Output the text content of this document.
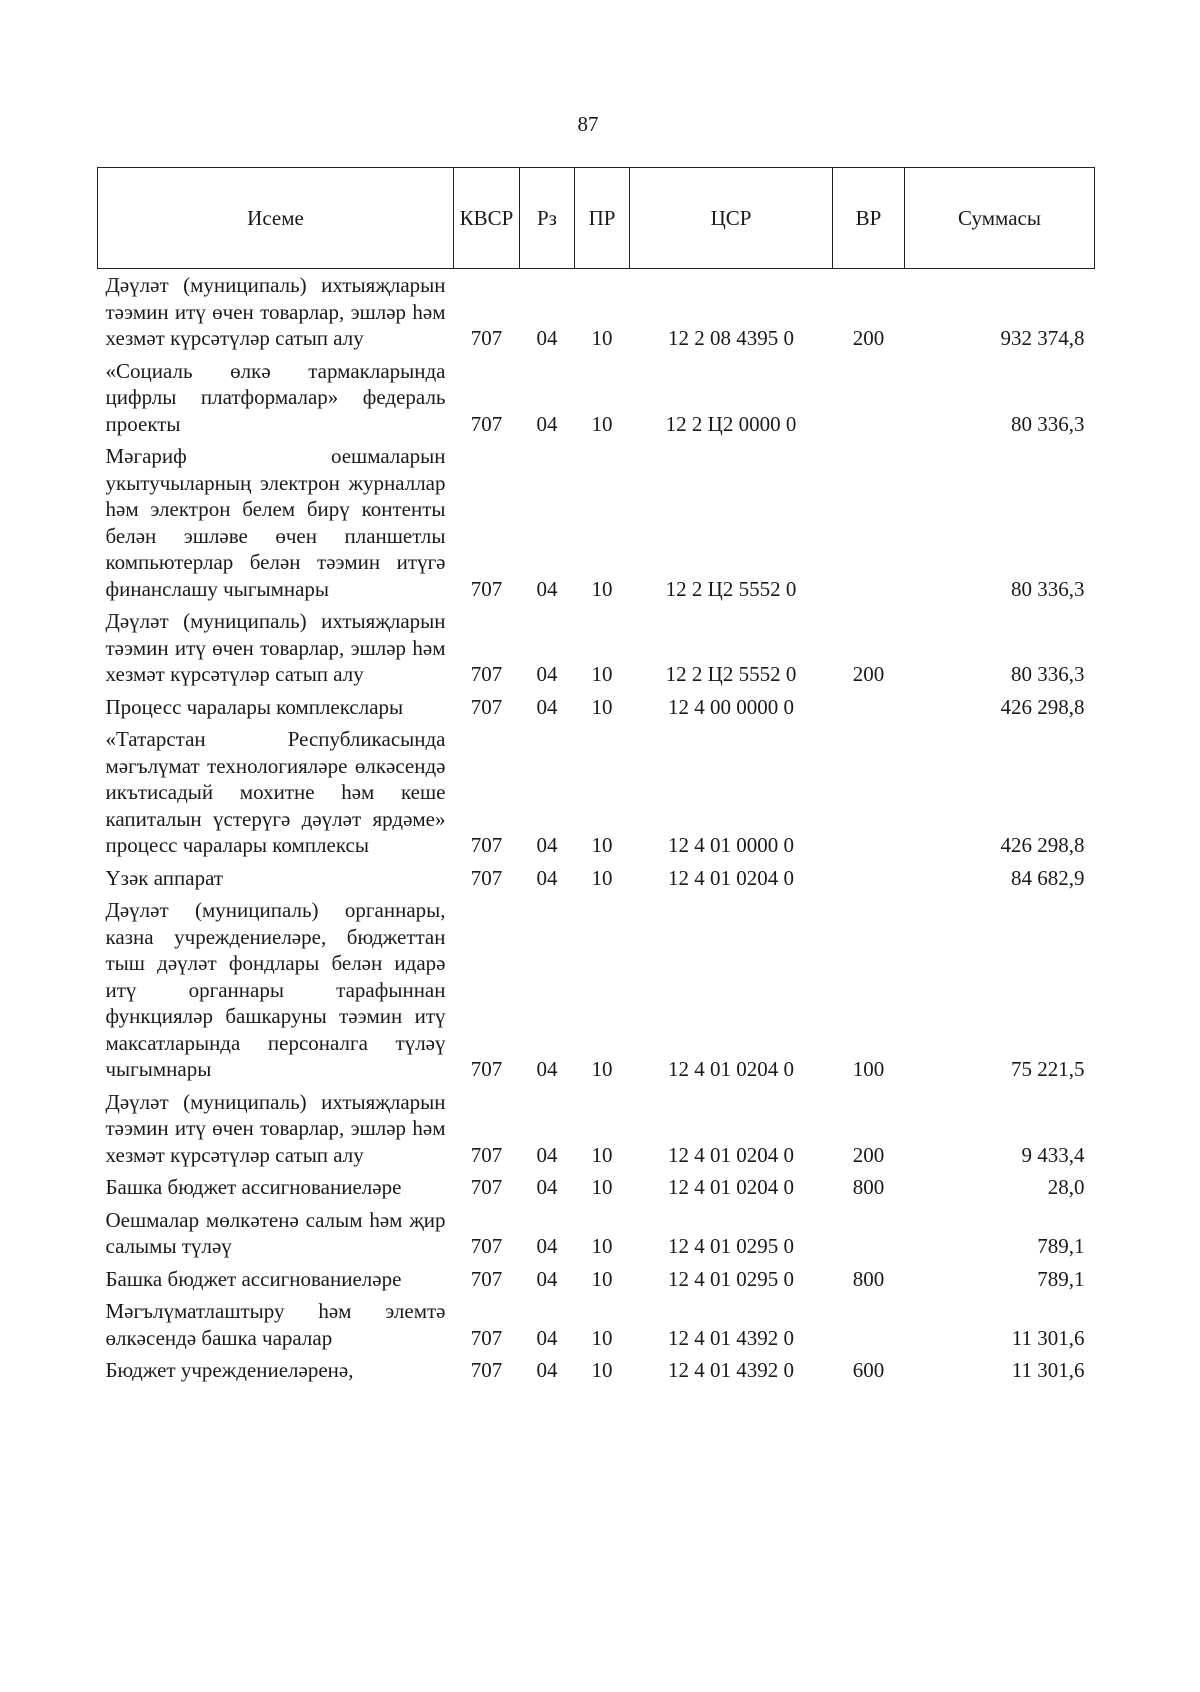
87
Исеме	КВСР	Рз	ПР	ЦСР	ВР	Суммасы
Дәүләт (муниципаль) ихтыяҗларын тәэмин итү өчен товарлар, эшләр һәм хезмәт күрсәтүләр сатып алу	707	04	10	12 2 08 4395 0	200	932 374,8
«Социаль өлкә тармакларында цифрлы платформалар» федераль проекты	707	04	10	12 2 Ц2 0000 0		80 336,3
Мәгариф оешмаларын укытучыларның электрон журналлар һәм электрон белем бирү контенты белән эшләве өчен планшетлы компьютерлар белән тәэмин итүгә финанслашу чыгымнары	707	04	10	12 2 Ц2 5552 0		80 336,3
Дәүләт (муниципаль) ихтыяҗларын тәэмин итү өчен товарлар, эшләр һәм хезмәт күрсәтүләр сатып алу	707	04	10	12 2 Ц2 5552 0	200	80 336,3
Процесс чаралары комплекслары	707	04	10	12 4 00 0000 0		426 298,8
«Татарстан Республикасында мәгълүмат технологияләре өлкәсендә икътисадый мохитне һәм кеше капиталын үстерүгә дәүләт ярдәме» процесс чаралары комплексы	707	04	10	12 4 01 0000 0		426 298,8
Үзәк аппарат	707	04	10	12 4 01 0204 0		84 682,9
Дәүләт (муниципаль) органнары, казна учреждениеләре, бюджеттан тыш дәүләт фондлары белән идарә итү органнары тарафыннан функцияләр башкаруны тәэмин итү максатларында персоналга түләү чыгымнары	707	04	10	12 4 01 0204 0	100	75 221,5
Дәүләт (муниципаль) ихтыяҗларын тәэмин итү өчен товарлар, эшләр һәм хезмәт күрсәтүләр сатып алу	707	04	10	12 4 01 0204 0	200	9 433,4
Башка бюджет ассигнованиеләре	707	04	10	12 4 01 0204 0	800	28,0
Оешмалар мөлкәтенә салым һәм җир салымы түләү	707	04	10	12 4 01 0295 0		789,1
Башка бюджет ассигнованиеләре	707	04	10	12 4 01 0295 0	800	789,1
Мәгълүматлаштыру һәм элемтә өлкәсендә башка чаралар	707	04	10	12 4 01 4392 0		11 301,6
Бюджет учреждениеләренә,	707	04	10	12 4 01 4392 0	600	11 301,6
